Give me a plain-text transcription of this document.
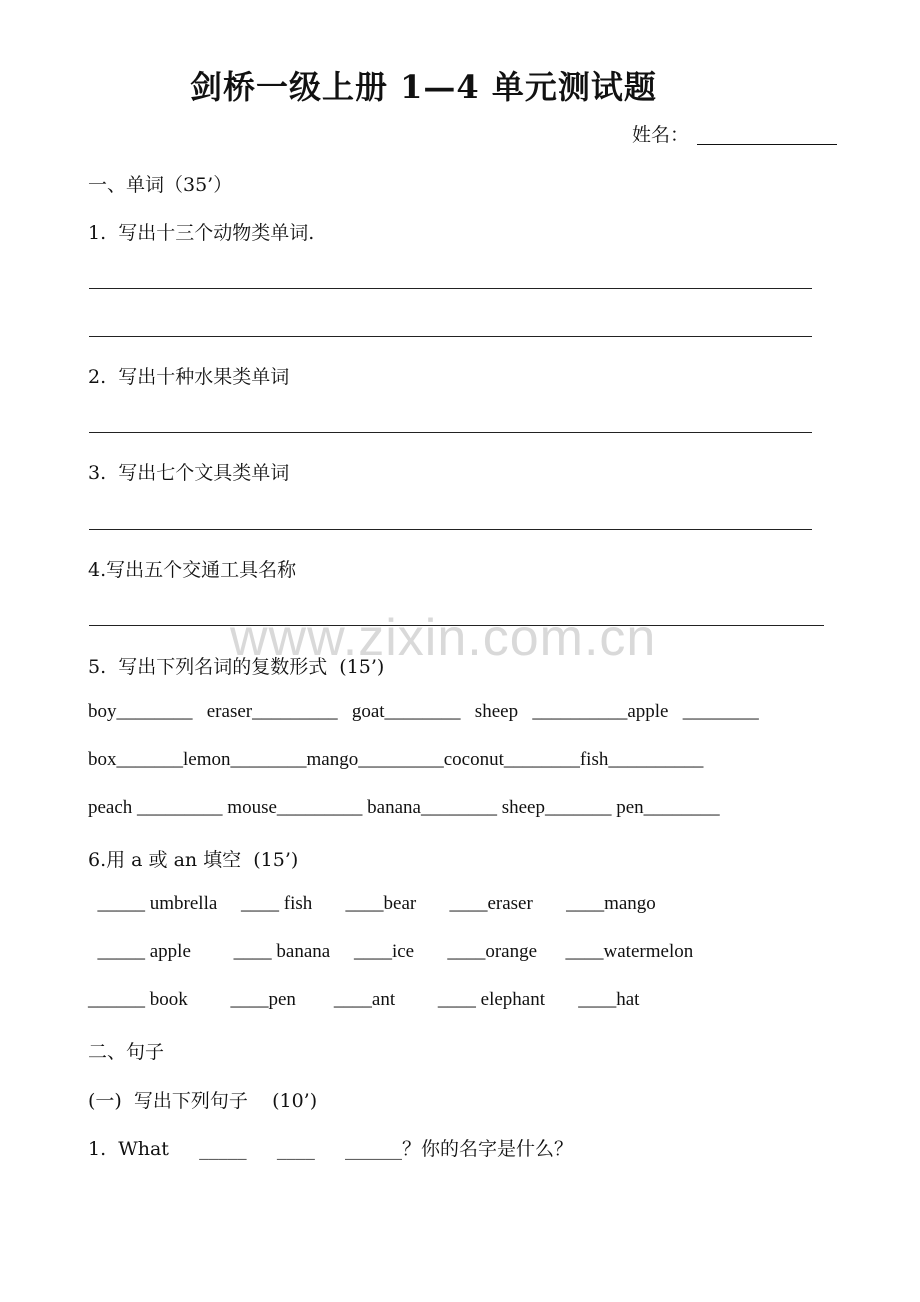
剑桥一级上册 1—4 单元测试题
姓名：
一、单词（35’）
1.  写出十三个动物类单词.
2.  写出十种水果类单词
3.  写出七个文具类单词
4.写出五个交通工具名称
www.zixin.com.cn
5.  写出下列名词的复数形式  (15’)
boy________   eraser_________   goat________   sheep   __________apple   ________
box_______lemon________mango_________coconut________fish__________
peach _________ mouse_________ banana________ sheep_______ pen________
6.用 a 或 an 填空  (15’)
_____ umbrella     ____ fish       ____bear       ____eraser       ____mango
_____ apple         ____ banana     ____ice       ____orange      ____watermelon
______ book         ____pen        ____ant         ____ elephant       ____hat
二、句子
(一)  写出下列句子    (10’)
1.  What     _____     ____     ______？你的名字是什么？
